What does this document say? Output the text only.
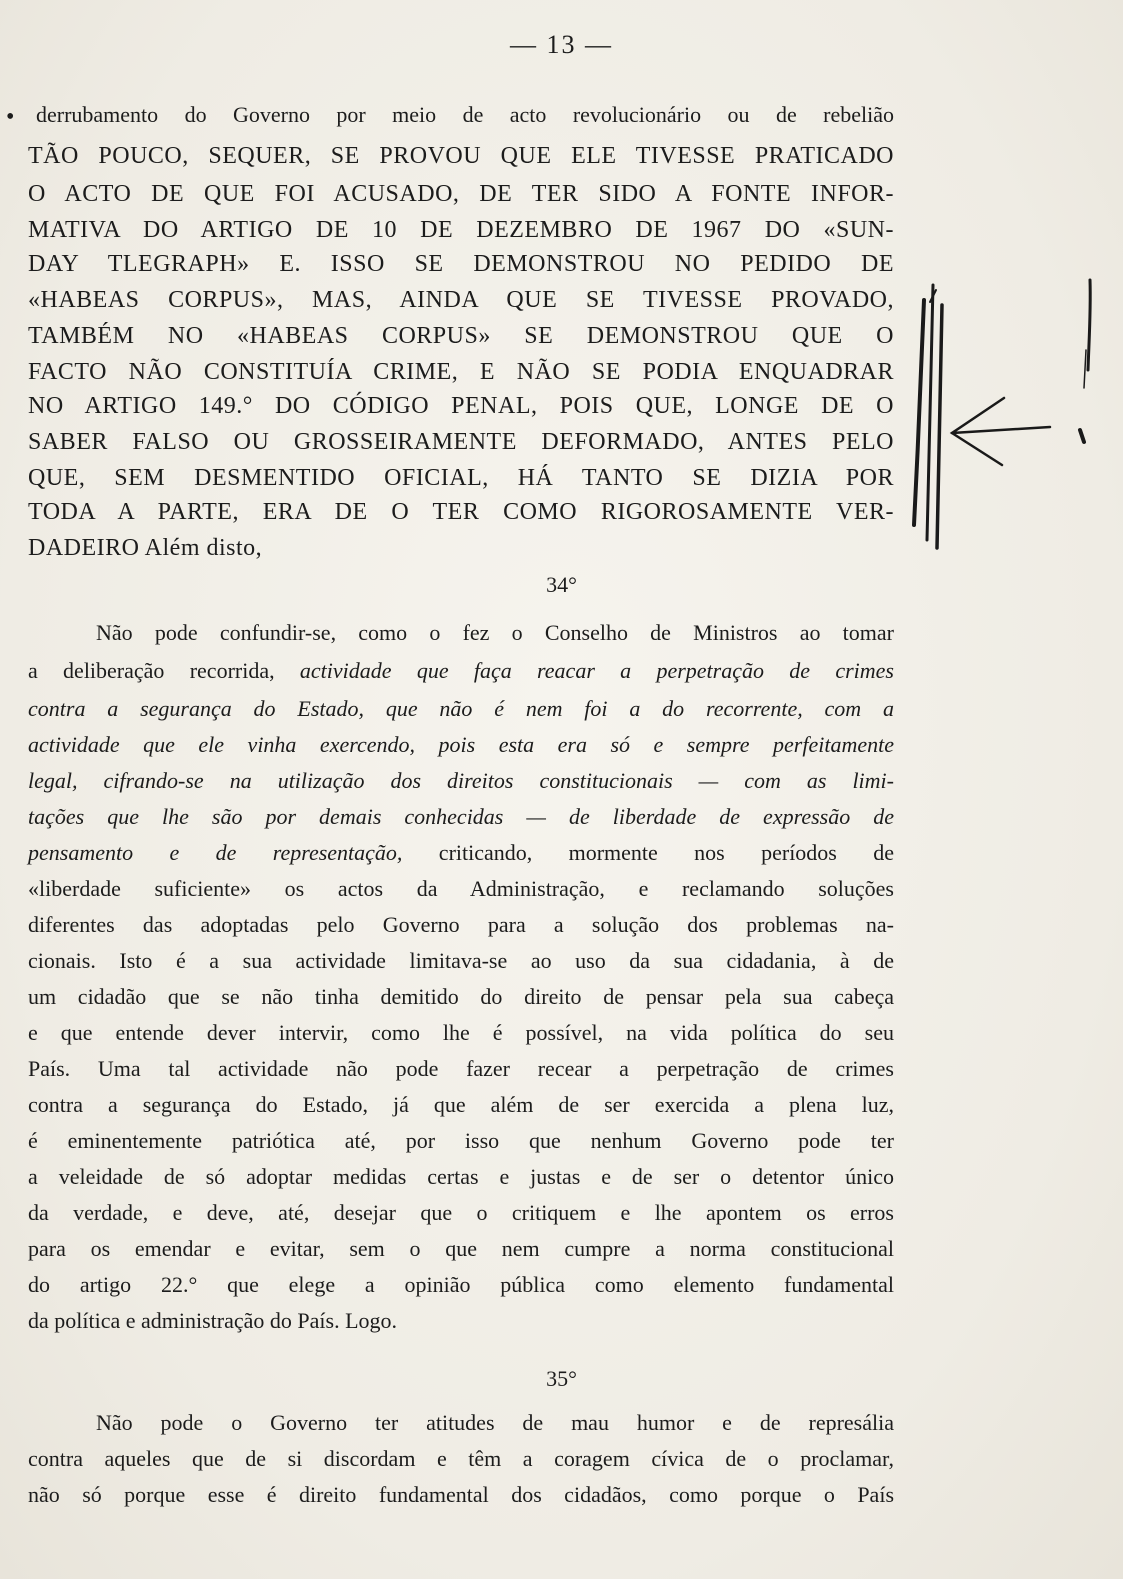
— 13 —
• derrubamento do Governo por meio de acto revolucionário ou de rebelião
TÃO POUCO, SEQUER, SE PROVOU QUE ELE TIVESSE PRATICADO
O ACTO DE QUE FOI ACUSADO, DE TER SIDO A FONTE INFOR-
MATIVA DO ARTIGO DE 10 DE DEZEMBRO DE 1967 DO «SUN-
DAY TLEGRAPH» E. ISSO SE DEMONSTROU NO PEDIDO DE
«HABEAS CORPUS», MAS, AINDA QUE SE TIVESSE PROVADO,
TAMBÉM NO «HABEAS CORPUS» SE DEMONSTROU QUE O
FACTO NÃO CONSTITUÍA CRIME, E NÃO SE PODIA ENQUADRAR
NO ARTIGO 149.° DO CÓDIGO PENAL, POIS QUE, LONGE DE O
SABER FALSO OU GROSSEIRAMENTE DEFORMADO, ANTES PELO
QUE, SEM DESMENTIDO OFICIAL, HÁ TANTO SE DIZIA POR
TODA A PARTE, ERA DE O TER COMO RIGOROSAMENTE VER-
DADEIRO Além disto,
34°
Não pode confundir-se, como o fez o Conselho de Ministros ao tomar
a deliberação recorrida, actividade que faça reacar a perpetração de crimes
contra a segurança do Estado, que não é nem foi a do recorrente, com a
actividade que ele vinha exercendo, pois esta era só e sempre perfeitamente
legal, cifrando-se na utilização dos direitos constitucionais — com as limi-
tações que lhe são por demais conhecidas — de liberdade de expressão de
pensamento e de representação, criticando, mormente nos períodos de
«liberdade suficiente» os actos da Administração, e reclamando soluções
diferentes das adoptadas pelo Governo para a solução dos problemas na-
cionais. Isto é a sua actividade limitava-se ao uso da sua cidadania, à de
um cidadão que se não tinha demitido do direito de pensar pela sua cabeça
e que entende dever intervir, como lhe é possível, na vida política do seu
País. Uma tal actividade não pode fazer recear a perpetração de crimes
contra a segurança do Estado, já que além de ser exercida a plena luz,
é eminentemente patriótica até, por isso que nenhum Governo pode ter
a veleidade de só adoptar medidas certas e justas e de ser o detentor único
da verdade, e deve, até, desejar que o critiquem e lhe apontem os erros
para os emendar e evitar, sem o que nem cumpre a norma constitucional
do artigo 22.° que elege a opinião pública como elemento fundamental
da política e administração do País. Logo.
35°
Não pode o Governo ter atitudes de mau humor e de represália
contra aqueles que de si discordam e têm a coragem cívica de o proclamar,
não só porque esse é direito fundamental dos cidadãos, como porque o País
